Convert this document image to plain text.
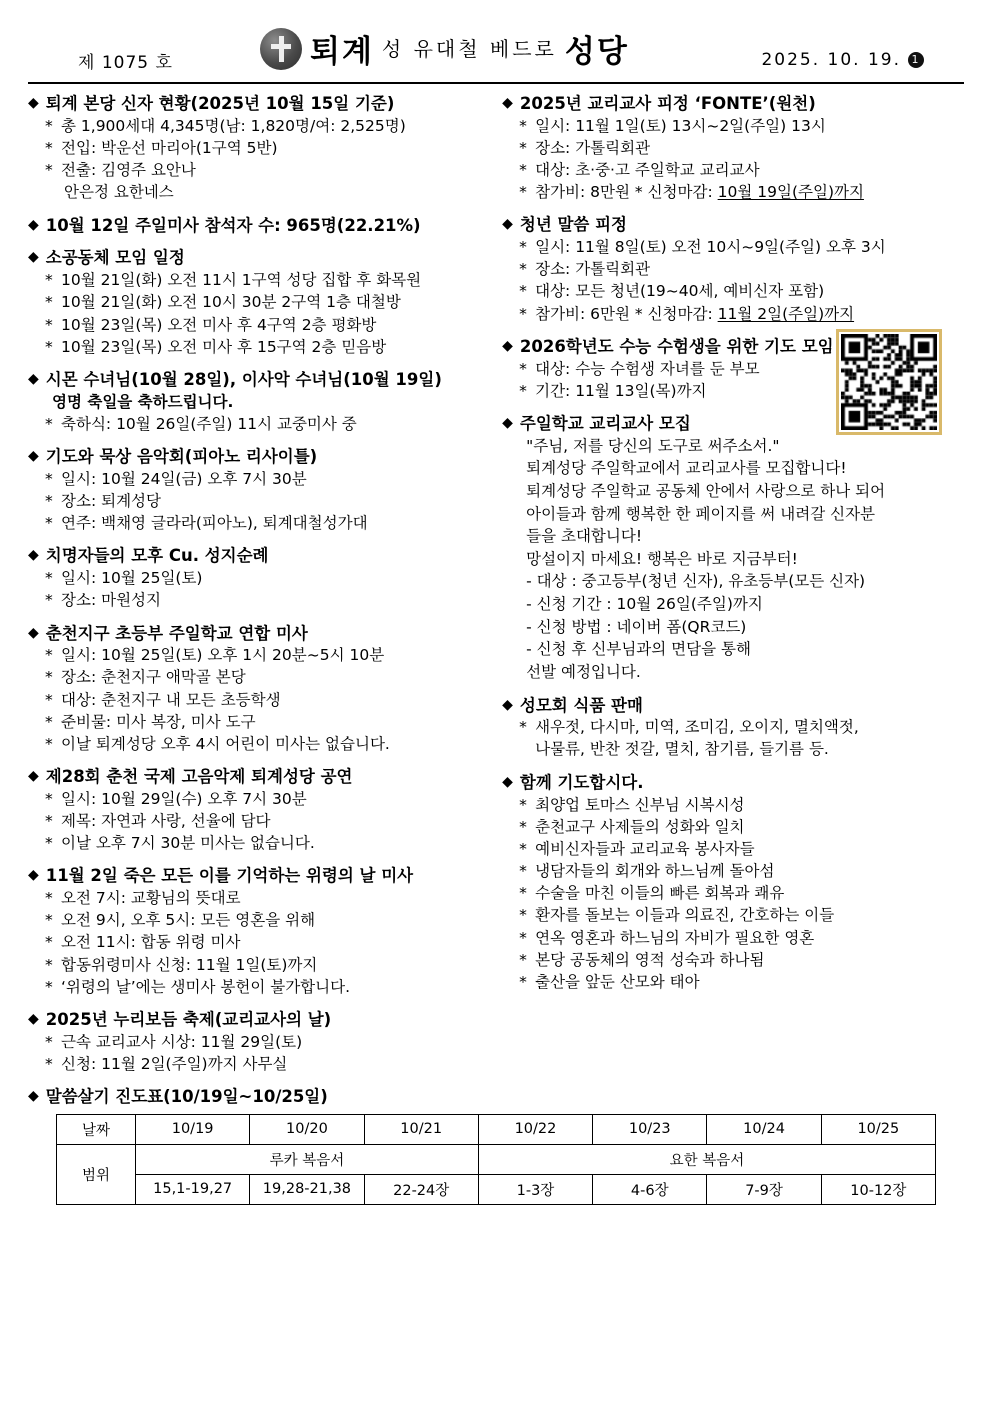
제 1075 호	퇴계 성 유대철 베드로 성당	2025. 10. 19. 1
◆ 퇴계 본당 신자 현황(2025년 10월 15일 기준)
* 총 1,900세대 4,345명(남: 1,820명/여: 2,525명)
* 전입: 박운선 마리아(1구역 5반)
* 전출: 김영주 요안나
안은정 요한네스
◆ 10월 12일 주일미사 참석자 수: 965명(22.21%)
◆ 소공동체 모임 일정
* 10월 21일(화) 오전 11시 1구역 성당 집합 후 화목원
* 10월 21일(화) 오전 10시 30분 2구역 1층 대철방
* 10월 23일(목) 오전 미사 후 4구역 2층 평화방
* 10월 23일(목) 오전 미사 후 15구역 2층 믿음방
◆ 시몬 수녀님(10월 28일), 이사악 수녀님(10월 19일)
영명 축일을 축하드립니다.
* 축하식: 10월 26일(주일) 11시 교중미사 중
◆ 기도와 묵상 음악회(피아노 리사이틀)
* 일시: 10월 24일(금) 오후 7시 30분
* 장소: 퇴계성당
* 연주: 백채영 글라라(피아노), 퇴계대철성가대
◆ 치명자들의 모후 Cu. 성지순례
* 일시: 10월 25일(토)
* 장소: 마원성지
◆ 춘천지구 초등부 주일학교 연합 미사
* 일시: 10월 25일(토) 오후 1시 20분~5시 10분
* 장소: 춘천지구 애막골 본당
* 대상: 춘천지구 내 모든 초등학생
* 준비물: 미사 복장, 미사 도구
* 이날 퇴계성당 오후 4시 어린이 미사는 없습니다.
◆ 제28회 춘천 국제 고음악제 퇴계성당 공연
* 일시: 10월 29일(수) 오후 7시 30분
* 제목: 자연과 사랑, 선율에 담다
* 이날 오후 7시 30분 미사는 없습니다.
◆ 11월 2일 죽은 모든 이를 기억하는 위령의 날 미사
* 오전 7시: 교황님의 뜻대로
* 오전 9시, 오후 5시: 모든 영혼을 위해
* 오전 11시: 합동 위령 미사
* 합동위령미사 신청: 11월 1일(토)까지
* ‘위령의 날’에는 생미사 봉헌이 불가합니다.
◆ 2025년 누리보듬 축제(교리교사의 날)
* 근속 교리교사 시상: 11월 29일(토)
* 신청: 11월 2일(주일)까지 사무실
◆ 말씀살기 진도표(10/19일~10/25일)
◆ 2025년 교리교사 피정 ‘FONTE’(원천)
* 일시: 11월 1일(토) 13시~2일(주일) 13시
* 장소: 가톨릭회관
* 대상: 초·중·고 주일학교 교리교사
* 참가비: 8만원 * 신청마감: 10월 19일(주일)까지
◆ 청년 말씀 피정
* 일시: 11월 8일(토) 오전 10시~9일(주일) 오후 3시
* 장소: 가톨릭회관
* 대상: 모든 청년(19~40세, 예비신자 포함)
* 참가비: 6만원 * 신청마감: 11월 2일(주일)까지
◆ 2026학년도 수능 수험생을 위한 기도 모임
* 대상: 수능 수험생 자녀를 둔 부모
* 기간: 11월 13일(목)까지
◆ 주일학교 교리교사 모집
"주님, 저를 당신의 도구로 써주소서."
퇴계성당 주일학교에서 교리교사를 모집합니다!
퇴계성당 주일학교 공동체 안에서 사랑으로 하나 되어
아이들과 함께 행복한 한 페이지를 써 내려갈 신자분
들을 초대합니다!
망설이지 마세요! 행복은 바로 지금부터!
- 대상 : 중고등부(청년 신자), 유초등부(모든 신자)
- 신청 기간 : 10월 26일(주일)까지
- 신청 방법 : 네이버 폼(QR코드)
- 신청 후 신부님과의 면담을 통해
선발 예정입니다.
◆ 성모회 식품 판매
* 새우젓, 다시마, 미역, 조미김, 오이지, 멸치액젓,
나물류, 반찬 젓갈, 멸치, 참기름, 들기름 등.
◆ 함께 기도합시다.
* 최양업 토마스 신부님 시복시성
* 춘천교구 사제들의 성화와 일치
* 예비신자들과 교리교육 봉사자들
* 냉담자들의 회개와 하느님께 돌아섬
* 수술을 마친 이들의 빠른 회복과 쾌유
* 환자를 돌보는 이들과 의료진, 간호하는 이들
* 연옥 영혼과 하느님의 자비가 필요한 영혼
* 본당 공동체의 영적 성숙과 하나됨
* 출산을 앞둔 산모와 태아
날짜	10/19	10/20	10/21	10/22	10/23	10/24	10/25
범위	루카 복음서			요한 복음서			
	15,1-19,27	19,28-21,38	22-24장	1-3장	4-6장	7-9장	10-12장
